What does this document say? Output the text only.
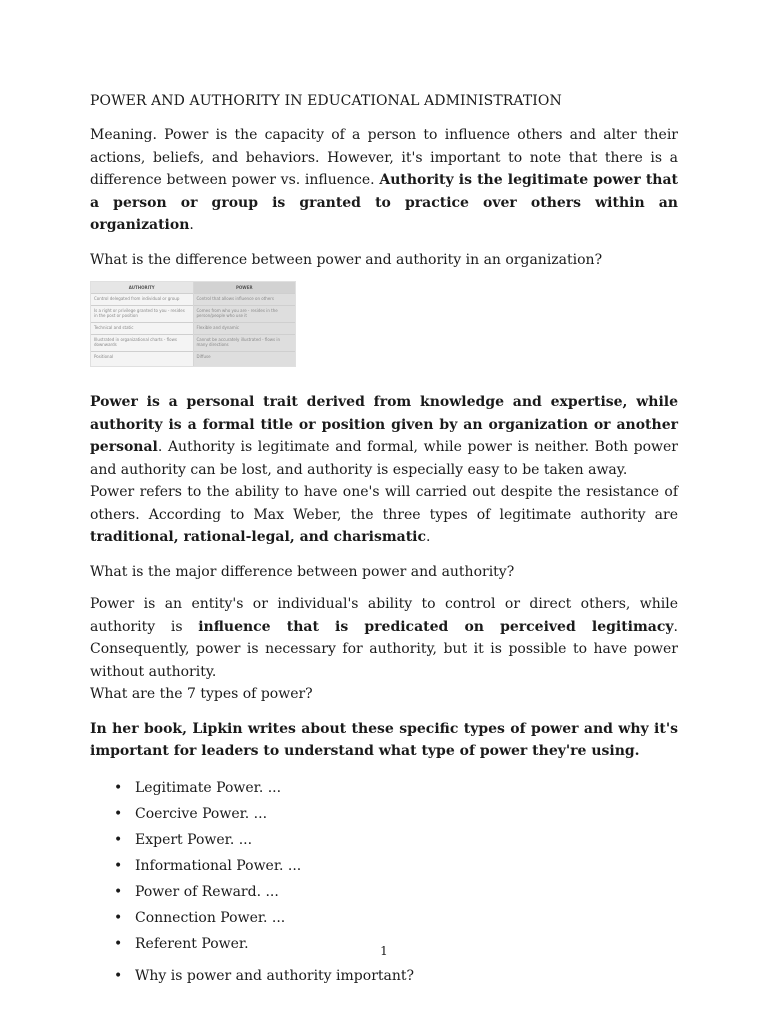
POWER AND AUTHORITY IN EDUCATIONAL ADMINISTRATION

Meaning. Power is the capacity of a person to influence others and alter their actions, beliefs, and behaviors. However, it's important to note that there is a difference between power vs. influence. Authority is the legitimate power that a person or group is granted to practice over others within an organization.

What is the difference between power and authority in an organization?

AUTHORITY
Control delegated from individual or group
Is a right or privilege granted to you - resides in the post or position
Technical and static
Illustrated in organizational charts - flows downwards
Positional
POWER
Control that allows influence on others
Comes from who you are - resides in the person/people who use it
Flexible and dynamic
Cannot be accurately illustrated - flows in many directions
Diffuse

Power is a personal trait derived from knowledge and expertise, while authority is a formal title or position given by an organization or another personal. Authority is legitimate and formal, while power is neither. Both power and authority can be lost, and authority is especially easy to be taken away.

Power refers to the ability to have one's will carried out despite the resistance of others. According to Max Weber, the three types of legitimate authority are traditional, rational-legal, and charismatic.

What is the major difference between power and authority?

Power is an entity's or individual's ability to control or direct others, while authority is influence that is predicated on perceived legitimacy. Consequently, power is necessary for authority, but it is possible to have power without authority.

What are the 7 types of power?

In her book, Lipkin writes about these specific types of power and why it's important for leaders to understand what type of power they're using.

• Legitimate Power. ...
• Coercive Power. ...
• Expert Power. ...
• Informational Power. ...
• Power of Reward. ...
• Connection Power. ...
• Referent Power.
• Why is power and authority important?
1
